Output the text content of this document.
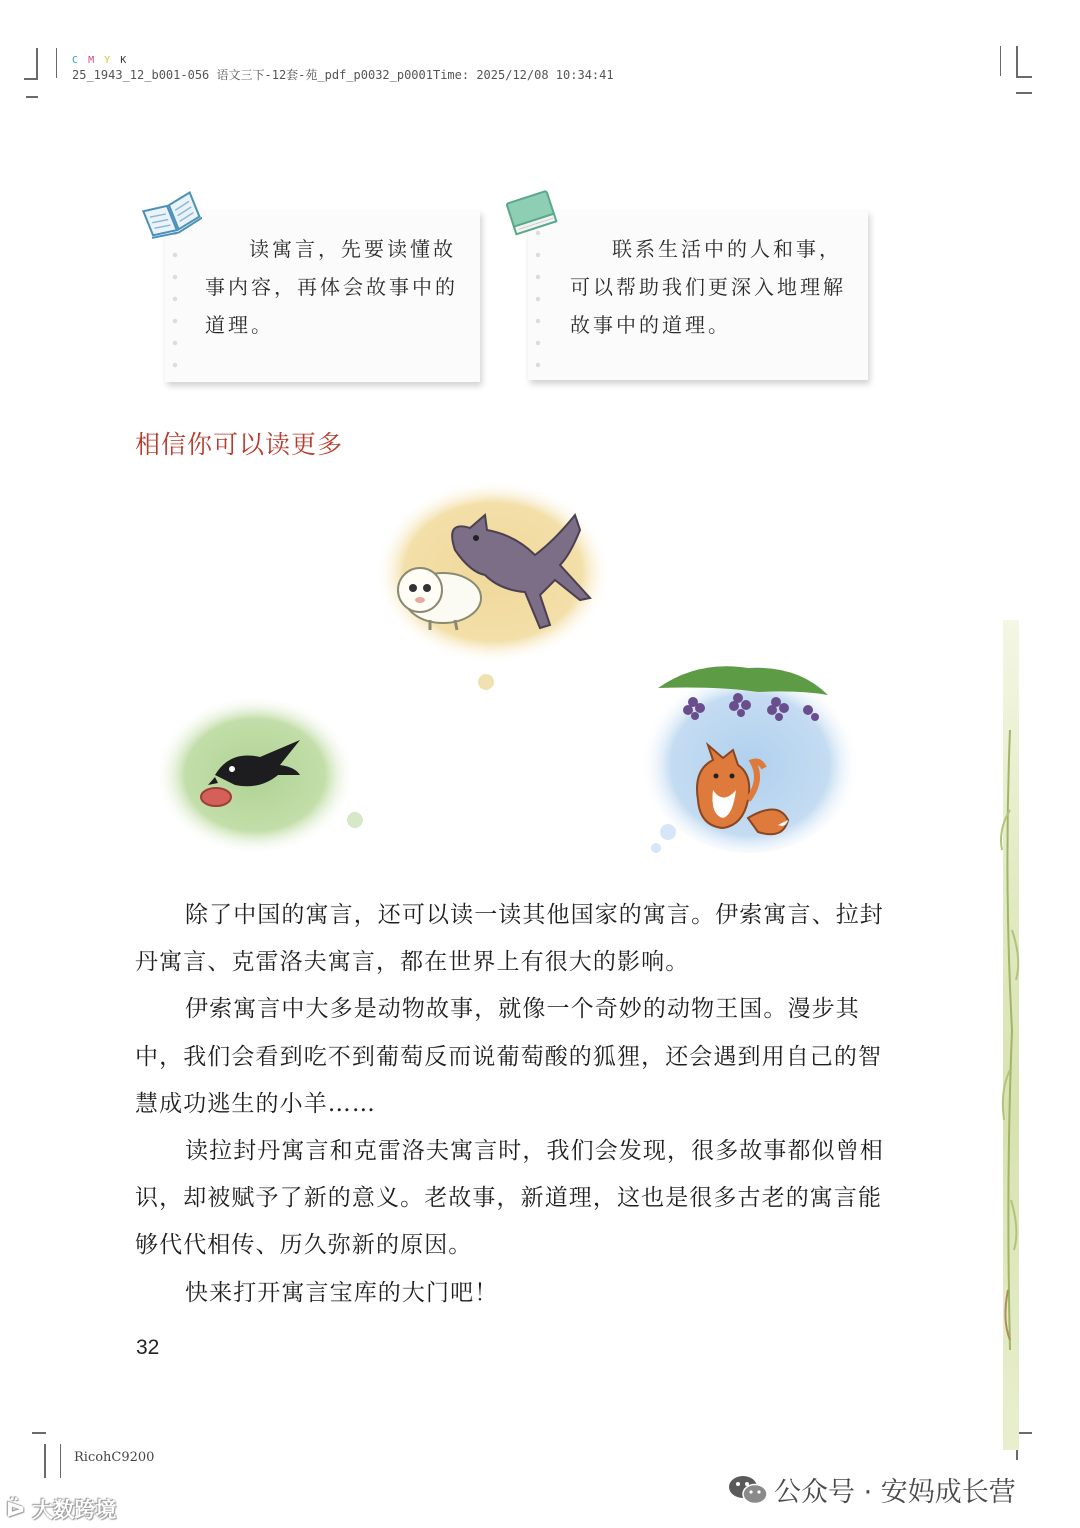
C M Y K
25_1943_12_b001-056 语文三下-12套-苑_pdf_p0032_p0001Time: 2025/12/08 10:34:41
读寓言，先要读懂故
事内容，再体会故事中的
道理。
联系生活中的人和事，
可以帮助我们更深入地理解
故事中的道理。
相信你可以读更多

除了中国的寓言，还可以读一读其他国家的寓言。伊索寓言、拉封丹寓言、克雷洛夫寓言，都在世界上有很大的影响。

伊索寓言中大多是动物故事，就像一个奇妙的动物王国。漫步其中，我们会看到吃不到葡萄反而说葡萄酸的狐狸，还会遇到用自己的智慧成功逃生的小羊……

读拉封丹寓言和克雷洛夫寓言时，我们会发现，很多故事都似曾相识，却被赋予了新的意义。老故事，新道理，这也是很多古老的寓言能够代代相传、历久弥新的原因。

快来打开寓言宝库的大门吧！

32
RicohC9200
ᐇ 大数跨境
公众号 · 安妈成长营
